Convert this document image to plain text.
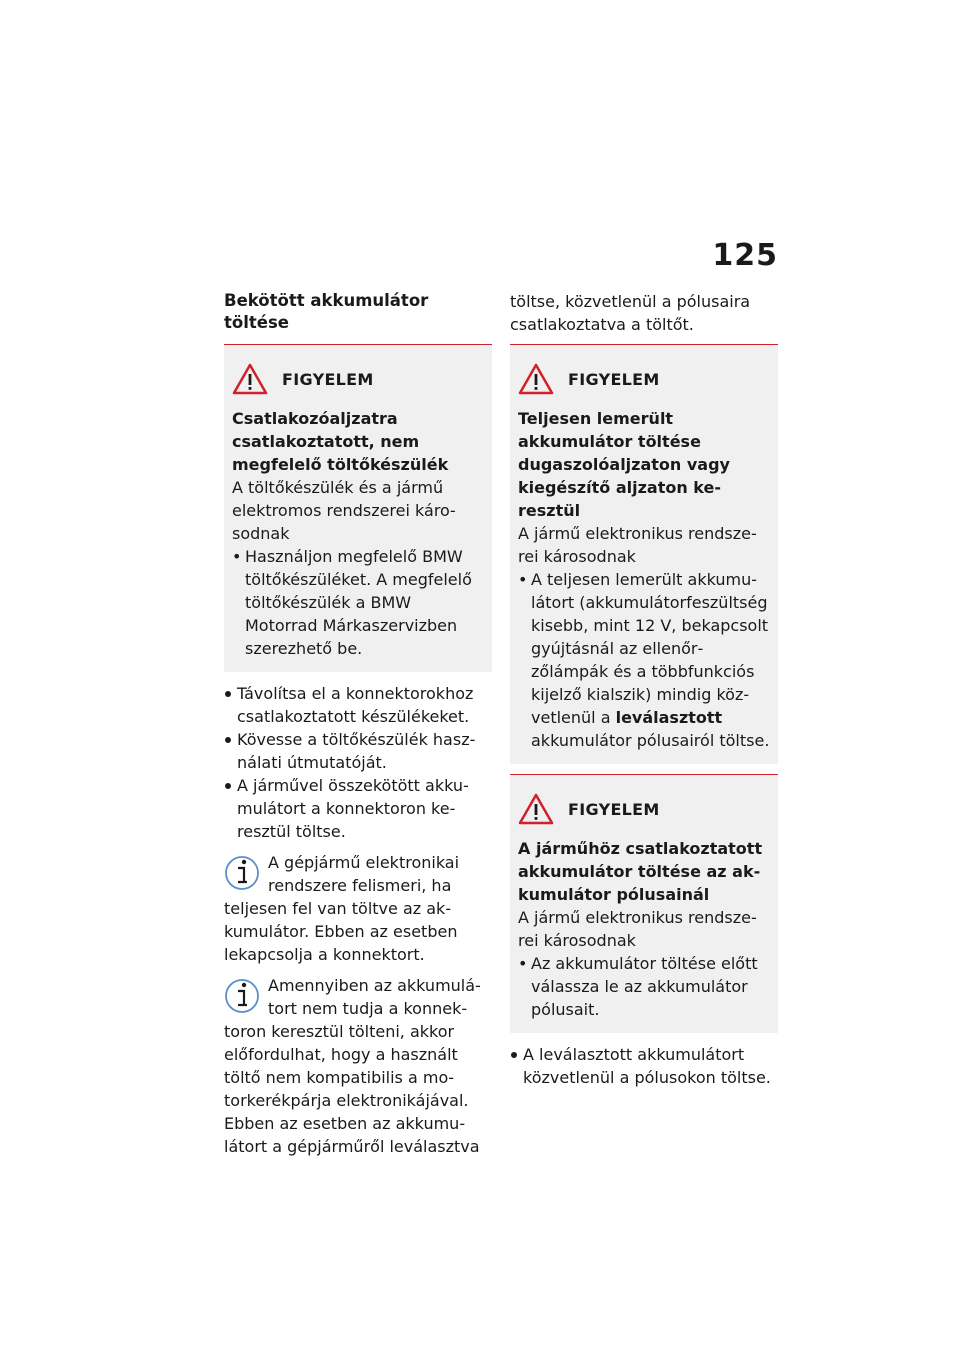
125
Bekötött akkumulátor töltése
FIGYELEM
Csatlakozóaljzatra csatlakoztatott, nem megfelelő töltőkészülék
A töltőkészülék és a jármű elektromos rendszerei károsodnak
• Használjon megfelelő BMW töltőkészüléket. A megfelelő töltőkészülék a BMW Motorrad Márkaszervizben szerezhető be.
Távolítsa el a konnektorokhoz csatlakoztatott készülékeket.
Kövesse a töltőkészülék használati útmutatóját.
A járművel összekötött akkumulátort a konnektoron keresztül töltse.
A gépjármű elektronikai rendszere felismeri, ha teljesen fel van töltve az akkumulátor. Ebben az esetben lekapcsolja a konnektort.
Amennyiben az akkumulátort nem tudja a konnektoron keresztül tölteni, akkor előfordulhat, hogy a használt töltő nem kompatibilis a motorkerékpárja elektronikájával. Ebben az esetben az akkumulátort a gépjárműről leválasztva

töltse, közvetlenül a pólusaira csatlakoztatva a töltőt.

FIGYELEM
Teljesen lemerült akkumulátor töltése dugaszolóaljzaton vagy kiegészítő aljzaton keresztül
A jármű elektronikus rendszerei károsodnak
• A teljesen lemerült akkumulátort (akkumulátorfeszültség kisebb, mint 12 V, bekapcsolt gyújtásnál az ellenőrzőlámpák és a többfunkciós kijelző kialszik) mindig közvetlenül a leválasztott akkumulátor pólusairól töltse.
FIGYELEM
A járműhöz csatlakoztatott akkumulátor töltése az akkumulátor pólusainál
A jármű elektronikus rendszerei károsodnak
• Az akkumulátor töltése előtt válassza le az akkumulátor pólusait.
A leválasztott akkumulátort közvetlenül a pólusokon töltse.
